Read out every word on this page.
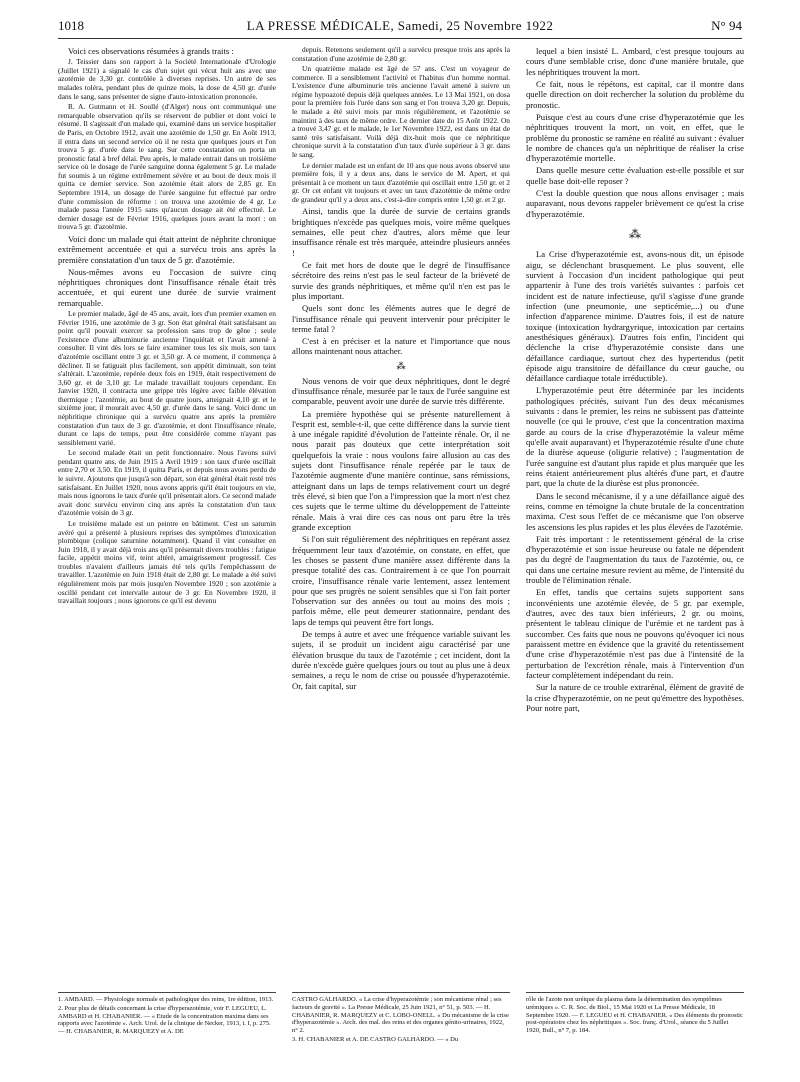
1018	LA PRESSE MÉDICALE, Samedi, 25 Novembre 1922	N° 94

Voici ces observations résumées à grands traits :

J. Teissier dans son rapport à la Société Internationale d'Urologie (Juillet 1921) a signalé le cas d'un sujet qui vécut huit ans avec une azotémie de 3,30 gr. contrôlée à diverses reprises. Un autre de ses malades toléra, pendant plus de quinze mois, la dose de 4,50 gr. d'urée dans le sang, sans présenter de signe d'auto-intoxication prononcée.

R. A. Gutmann et H. Soullé (d'Alger) nous ont communiqué une remarquable observation qu'ils se réservent de publier et dont voici le résumé. Il s'agissait d'un malade qui, examiné dans un service hospitalier de Paris, en Octobre 1912, avait une azotémie de 1,50 gr. En Août 1913, il entra dans un second service où il ne resta que quelques jours et l'on trouva 5 gr. d'urée dans le sang. Sur cette constatation on porta un pronostic fatal à bref délai. Peu après, le malade entrait dans un troisième service où le dosage de l'urée sanguine donna également 5 gr. Le malade fut soumis à un régime extrêmement sévère et au bout de deux mois il quitta ce dernier service. Son azotémie était alors de 2,85 gr. En Septembre 1914, un dosage de l'urée sanguine fut effectué par ordre d'une commission de réforme : on trouva une azotémie de 4 gr. Le malade passa l'année 1915 sans qu'aucun dosage ait été effectué. Le dernier dosage est de Février 1916, quelques jours avant la mort : on trouva 5 gr. d'azotémie.

Voici donc un malade qui était atteint de néphrite chronique extrêmement accentuée et qui a survécu trois ans après la première constatation d'un taux de 5 gr. d'azotémie.

Nous-mêmes avons eu l'occasion de suivre cinq néphritiques chroniques dont l'insuffisance rénale était très accentuée, et qui eurent une durée de survie vraiment remarquable.

Le premier malade, âgé de 45 ans, avait, lors d'un premier examen en Février 1916, une azotémie de 3 gr. Son état général était satisfaisant au point qu'il pouvait exercer sa profession sans trop de gêne ; seule l'existence d'une albuminurie ancienne l'inquiétait et l'avait amené à consulter. Il vint dès lors se faire examiner tous les six mois, son taux d'azotémie oscillant entre 3 gr. et 3,50 gr. A ce moment, il commença à décliner. Il se fatiguait plus facilement, son appétit diminuait, son teint s'altérait. L'azotémie, repérée deux fois en 1919, était respectivement de 3,60 gr. et de 3,10 gr. Le malade travaillait toujours cependant. En Janvier 1920, il contracta une grippe très légère avec faible élévation thermique ; l'azotémie, au bout de quatre jours, atteignait 4,10 gr. et le sixième jour, il mourait avec 4,50 gr. d'urée dans le sang. Voici donc un néphritique chronique qui a survécu quatre ans après la première constatation d'un taux de 3 gr. d'azotémie, et dont l'insuffisance rénale, durant ce laps de temps, peut être considérée comme n'ayant pas sensiblement varié.

Le second malade était un petit fonctionnaire. Nous l'avons suivi pendant quatre ans, de Juin 1915 à Avril 1919 : son taux d'urée oscillait entre 2,70 et 3,50. En 1919, il quitta Paris, et depuis nous avons perdu de le suivre. Ajoutons que jusqu'à son départ, son état général était resté très satisfaisant. En Juillet 1920, nous avons appris qu'il était toujours en vie, mais nous ignorons le taux d'urée qu'il présentait alors. Ce second malade avait donc survécu environ cinq ans après la constatation d'un taux d'azotémie voisin de 3 gr.

Le troisième malade est un peintre en bâtiment. C'est un saturnin avéré qui a présenté à plusieurs reprises des symptômes d'intoxication plombique (colique saturnine notamment). Quand il vint consulter en Juin 1918, il y avait déjà trois ans qu'il présentait divers troubles : fatigue facile, appétit moins vif, teint altéré, amaigrissement progressif. Ces troubles n'avaient d'ailleurs jamais été tels qu'ils l'empêchassent de travailler. L'azotémie en Juin 1918 était de 2,80 gr. Le malade a été suivi régulièrement mois par mois jusqu'en Novembre 1920 ; son azotémie a oscillé pendant cet intervalle autour de 3 gr. En Novembre 1920, il travaillait toujours ; nous ignorons ce qu'il est devenu

depuis. Retenons seulement qu'il a survécu presque trois ans après la constatation d'une azotémie de 2,80 gr.

Un quatrième malade est âgé de 57 ans. C'est un voyageur de commerce. Il a sensiblement l'activité et l'habitus d'un homme normal. L'existence d'une albuminurie très ancienne l'avait amené à suivre un régime hypoazoté depuis déjà quelques années. Le 13 Mai 1921, on dosa pour la première fois l'urée dans son sang et l'on trouva 3,20 gr. Depuis, le malade a été suivi mois par mois régulièrement, et l'azotémie se maintint à des taux de même ordre. Le dernier date du 15 Août 1922. On a trouvé 3,47 gr. et le malade, le 1er Novembre 1922, est dans un état de santé très satisfaisant. Voilà déjà dix-huit mois que ce néphritique chronique survit à la constatation d'un taux d'urée supérieur à 3 gr. dans le sang.

Le dernier malade est un enfant de 10 ans que nous avons observé une première fois, il y a deux ans, dans le service de M. Apert, et qui présentait à ce moment un taux d'azotémie qui oscillait entre 1,50 gr. et 2 gr. Or cet enfant vit toujours et avec un taux d'azotémie de même ordre de grandeur qu'il y a deux ans, c'est-à-dire compris entre 1,50 gr. et 2 gr.

Ainsi, tandis que la durée de survie de certains grands brightiques n'excède pas quelques mois, voire même quelques semaines, elle peut chez d'autres, alors même que leur insuffisance rénale est très marquée, atteindre plusieurs années !

Ce fait met hors de doute que le degré de l'insuffisance sécrétoire des reins n'est pas le seul facteur de la brièveté de survie des grands néphritiques, et même qu'il n'en est pas le plus important.

Quels sont donc les éléments autres que le degré de l'insuffisance rénale qui peuvent intervenir pour précipiter le terme fatal ?

C'est à en préciser et la nature et l'importance que nous allons maintenant nous attacher.

⁂

Nous venons de voir que deux néphritiques, dont le degré d'insuffisance rénale, mesurée par le taux de l'urée sanguine est comparable, peuvent avoir une durée de survie très différente.

La première hypothèse qui se présente naturellement à l'esprit est, semble-t-il, que cette différence dans la survie tient à une inégale rapidité d'évolution de l'atteinte rénale. Or, il ne nous parait pas douteux que cette interprétation soit quelquefois la vraie : nous voulons faire allusion au cas des sujets dont l'insuffisance rénale repérée par le taux de l'azotémie augmente d'une manière continue, sans rémissions, atteignant dans un laps de temps relativement court un degré très élevé, si bien que l'on a l'impression que la mort n'est chez ces sujets que le terme ultime du développement de l'atteinte rénale. Mais à vrai dire ces cas nous ont paru être la très grande exception

Si l'on suit régulièrement des néphritiques en repérant assez fréquemment leur taux d'azotémie, on constate, en effet, que les choses se passent d'une manière assez différente dans la presque totalité des cas. Contrairement à ce que l'on pourrait croire, l'insuffisance rénale varie lentement, assez lentement pour que ses progrès ne soient sensibles que si l'on fait porter l'observation sur des années ou tout au moins des mois ; parfois même, elle peut demeurer stationnaire, pendant des laps de temps qui peuvent être fort longs.

De temps à autre et avec une fréquence variable suivant les sujets, il se produit un incident aigu caractérisé par une élévation brusque du taux de l'azotémie ; cet incident, dont la durée n'excède guère quelques jours ou tout au plus une à deux semaines, a reçu le nom de crise ou poussée d'hyperazotémie. Or, fait capital, sur

lequel a bien insisté L. Ambard, c'est presque toujours au cours d'une semblable crise, donc d'une manière brutale, que les néphritiques trouvent la mort.

Ce fait, nous le répétons, est capital, car il montre dans quelle direction on doit rechercher la solution du problème du pronostic.

Puisque c'est au cours d'une crise d'hyperazotémie que les néphritiques trouvent la mort, on voit, en effet, que le problème du pronostic se ramène en réalité au suivant : évaluer le nombre de chances qu'a un néphritique de réaliser la crise d'hyperazotémie mortelle.

Dans quelle mesure cette évaluation est-elle possible et sur quelle base doit-elle reposer ?

C'est la double question que nous allons envisager ; mais auparavant, nous devons rappeler brièvement ce qu'est la crise d'hyperazotémie.

⁂

La Crise d'hyperazotémie est, avons-nous dit, un épisode aigu, se déclenchant brusquement. Le plus souvent, elle survient à l'occasion d'un incident pathologique qui peut appartenir à l'une des trois variétés suivantes : parfois cet incident est de nature infectieuse, qu'il s'agisse d'une grande infection (une pneumonie, une septicémie,...) ou d'une infection d'apparence minime. D'autres fois, il est de nature toxique (intoxication hydrargyrique, intoxication par certains anesthésiques généraux). D'autres fois enfin, l'incident qui déclenche la crise d'hyperazotémie consiste dans une défaillance cardiaque, surtout chez des hypertendus (petit épisode aigu transitoire de défaillance du cœur gauche, ou défaillance cardiaque totale irréductible).

L'hyperazotémie peut être déterminée par les incidents pathologiques précités, suivant l'un des deux mécanismes suivants : dans le premier, les reins ne subissent pas d'atteinte nouvelle (ce qui le prouve, c'est que la concentration maxima garde au cours de la crise d'hyperazotémie la valeur même qu'elle avait auparavant) et l'hyperazotémie résulte d'une chute de la diurèse aqueuse (oligurie relative) ; l'augmentation de l'urée sanguine est d'autant plus rapide et plus marquée que les reins étaient antérieurement plus altérés d'une part, et d'autre part, que la chute de la diurèse est plus prononcée.

Dans le second mécanisme, il y a une défaillance aiguë des reins, comme en témoigne la chute brutale de la concentration maxima. C'est sous l'effet de ce mécanisme que l'on observe les ascensions les plus rapides et les plus élevées de l'azotémie.

Fait très important : le retentissement général de la crise d'hyperazotémie et son issue heureuse ou fatale ne dépendent pas du degré de l'augmentation du taux de l'azotémie, ou, ce qui dans une certaine mesure revient au même, de l'intensité du trouble de l'élimination rénale.

En effet, tandis que certains sujets supportent sans inconvénients une azotémie élevée, de 5 gr. par exemple, d'autres, avec des taux bien inférieurs, 2 gr. ou moins, présentent le tableau clinique de l'urémie et ne tardent pas à succomber. Ces faits que nous ne pouvons qu'évoquer ici nous paraissent mettre en évidence que la gravité du retentissement d'une crise d'hyperazotémie n'est pas due à l'intensité de la perturbation de l'excrétion rénale, mais à l'intervention d'un facteur complètement indépendant du rein.

Sur la nature de ce trouble extrarénal, élément de gravité de la crise d'hyperazotémie, on ne peut qu'émettre des hypothèses. Pour notre part,

1. AMBARD. — Physiologie normale et pathologique des reins, 1re édition, 1913.

2. Pour plus de détails concernant la crise d'hyperazotémie, voir F. LEGUEU, L. AMBARD et H. CHABANIER. — « Etude de la concentration maxima dans ses rapports avec l'azotémie ». Arch. Urol. de la clinique de Necker, 1913, t. I, p. 275. — H. CHABANIER, R. MARQUEZY et A. DE

CASTRO GALHARDO. « La crise d'hyperazotémie ; son mécanisme rénal ; ses facteurs de gravité ». La Presse Médicale, 25 Juin 1921, n° 51, p. 503. — H. CHABANIER, R. MARQUEZY et C. LOBO-ONELL. « Du mécanisme de la crise d'hyperazotémie ». Arch. des mal. des reins et des organes génito-urinaires, 1922, n° 2.

3. H. CHABANIER et A. DE CASTRO GALHARDO. — « Du

rôle de l'azote non uréique du plasma dans la détermination des symptômes urémiques ». C. R. Soc. de Biol., 15 Mai 1920 et La Presse Médicale, 18 Septembre 1920. — F. LEGUEU et H. CHABANIER. « Des éléments du pronostic post-opératoire chez les néphritiques ». Soc. franç. d'Urol., séance du 5 Juillet 1920, Bull., n° 7, p. 184.
